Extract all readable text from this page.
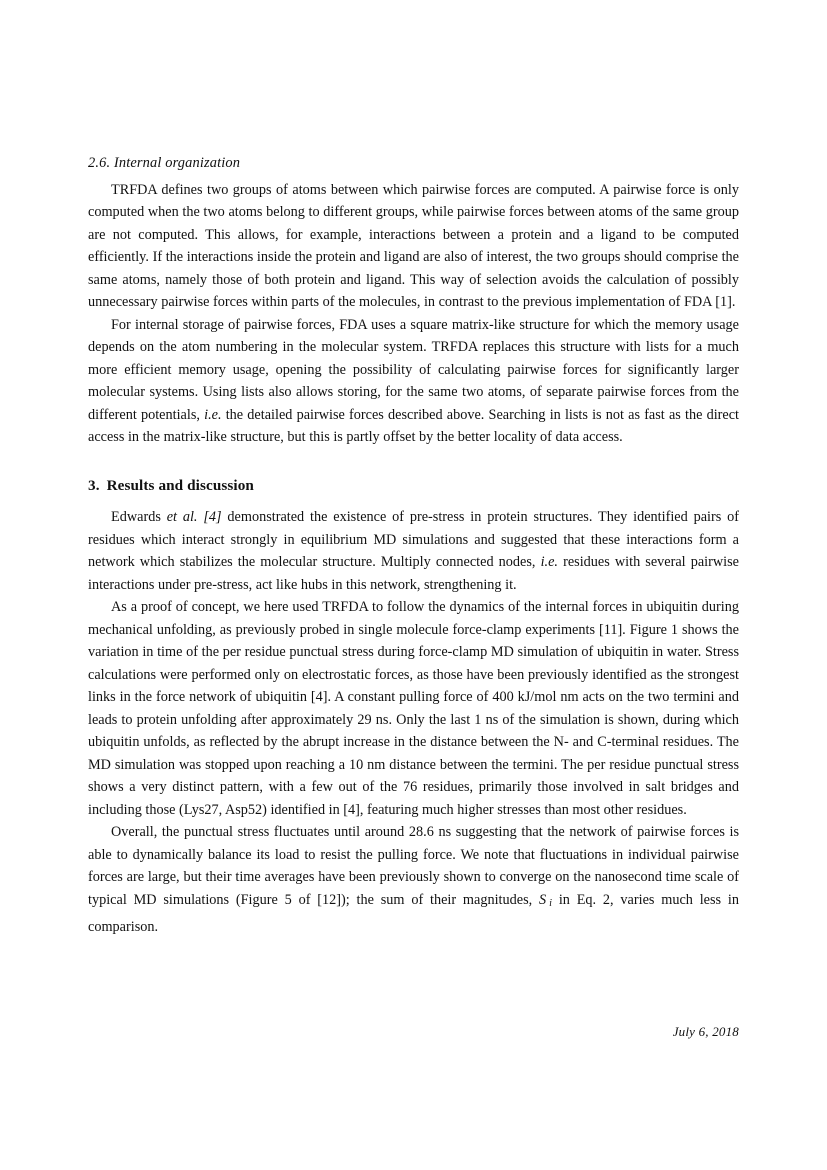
2.6. Internal organization

TRFDA defines two groups of atoms between which pairwise forces are computed. A pairwise force is only computed when the two atoms belong to different groups, while pairwise forces between atoms of the same group are not computed. This allows, for example, interactions between a protein and a ligand to be computed efficiently. If the interactions inside the protein and ligand are also of interest, the two groups should comprise the same atoms, namely those of both protein and ligand. This way of selection avoids the calculation of possibly unnecessary pairwise forces within parts of the molecules, in contrast to the previous implementation of FDA [1].

For internal storage of pairwise forces, FDA uses a square matrix-like structure for which the memory usage depends on the atom numbering in the molecular system. TRFDA replaces this structure with lists for a much more efficient memory usage, opening the possibility of calculating pairwise forces for significantly larger molecular systems. Using lists also allows storing, for the same two atoms, of separate pairwise forces from the different potentials, i.e. the detailed pairwise forces described above. Searching in lists is not as fast as the direct access in the matrix-like structure, but this is partly offset by the better locality of data access.

3. Results and discussion

Edwards et al. [4] demonstrated the existence of pre-stress in protein structures. They identified pairs of residues which interact strongly in equilibrium MD simulations and suggested that these interactions form a network which stabilizes the molecular structure. Multiply connected nodes, i.e. residues with several pairwise interactions under pre-stress, act like hubs in this network, strengthening it.

As a proof of concept, we here used TRFDA to follow the dynamics of the internal forces in ubiquitin during mechanical unfolding, as previously probed in single molecule force-clamp experiments [11]. Figure 1 shows the variation in time of the per residue punctual stress during force-clamp MD simulation of ubiquitin in water. Stress calculations were performed only on electrostatic forces, as those have been previously identified as the strongest links in the force network of ubiquitin [4]. A constant pulling force of 400 kJ/mol nm acts on the two termini and leads to protein unfolding after approximately 29 ns. Only the last 1 ns of the simulation is shown, during which ubiquitin unfolds, as reflected by the abrupt increase in the distance between the N- and C-terminal residues. The MD simulation was stopped upon reaching a 10 nm distance between the termini. The per residue punctual stress shows a very distinct pattern, with a few out of the 76 residues, primarily those involved in salt bridges and including those (Lys27, Asp52) identified in [4], featuring much higher stresses than most other residues.

Overall, the punctual stress fluctuates until around 28.6 ns suggesting that the network of pairwise forces is able to dynamically balance its load to resist the pulling force. We note that fluctuations in individual pairwise forces are large, but their time averages have been previously shown to converge on the nanosecond time scale of typical MD simulations (Figure 5 of [12]); the sum of their magnitudes, S $_i$ in Eq. 2, varies much less in comparison.

July 6, 2018
